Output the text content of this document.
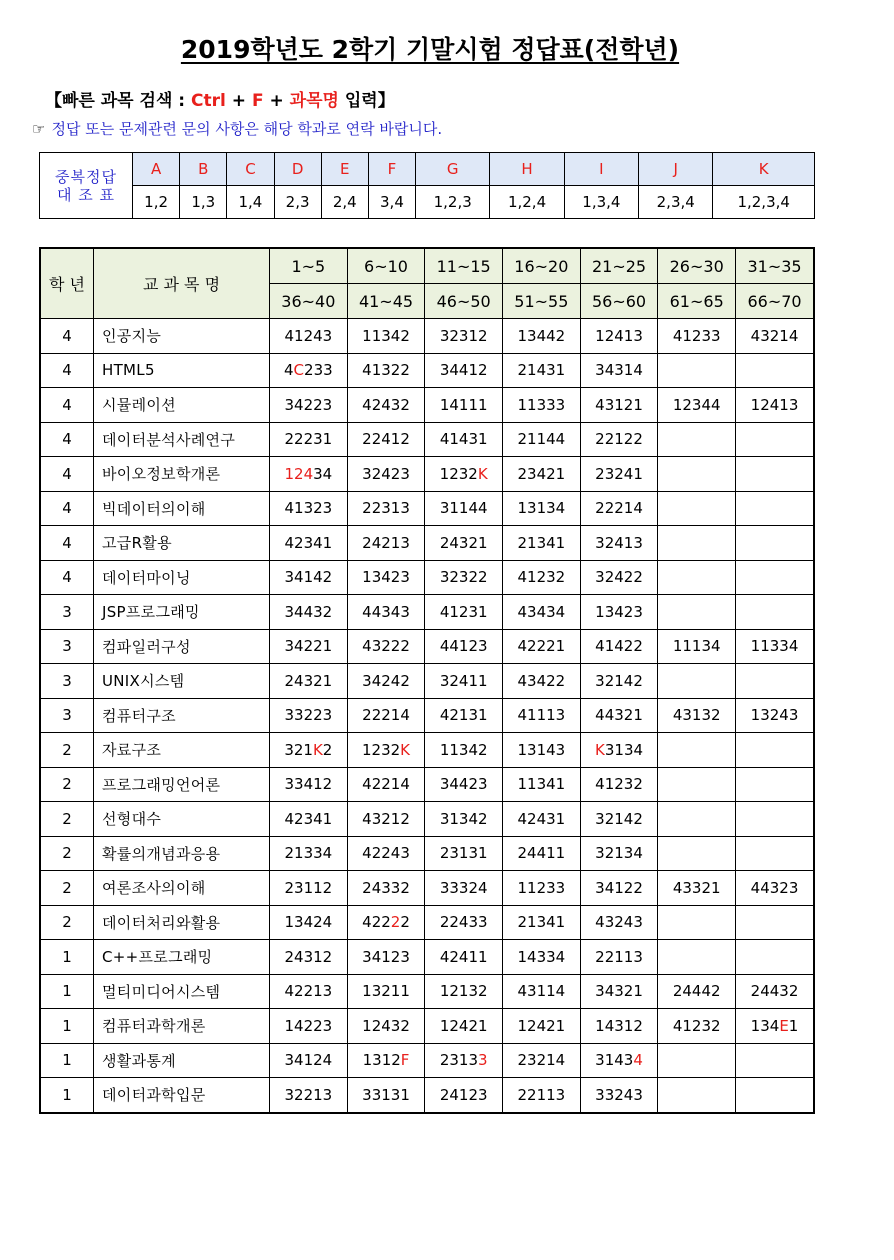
2019학년도 2학기 기말시험 정답표(전학년)
【빠른 과목 검색 : Ctrl + F + 과목명 입력】
☞ 정답 또는 문제관련 문의 사항은 해당 학과로 연락 바랍니다.
중복정답
대 조 표	A	B	C	D	E	F	G	H	I	J	K
	1,2	1,3	1,4	2,3	2,4	3,4	1,2,3	1,2,4	1,3,4	2,3,4	1,2,3,4
학 년	교 과 목 명	1~5	6~10	11~15	16~20	21~25	26~30	31~35
		36~40	41~45	46~50	51~55	56~60	61~65	66~70
4	인공지능	41243	11342	32312	13442	12413	41233	43214
4	HTML5	4C233	41322	34412	21431	34314		
4	시뮬레이션	34223	42432	14111	11333	43121	12344	12413
4	데이터분석사례연구	22231	22412	41431	21144	22122		
4	바이오정보학개론	12434	32423	1232K	23421	23241		
4	빅데이터의이해	41323	22313	31144	13134	22214		
4	고급R활용	42341	24213	24321	21341	32413		
4	데이터마이닝	34142	13423	32322	41232	32422		
3	JSP프로그래밍	34432	44343	41231	43434	13423		
3	컴파일러구성	34221	43222	44123	42221	41422	11134	11334
3	UNIX시스템	24321	34242	32411	43422	32142		
3	컴퓨터구조	33223	22214	42131	41113	44321	43132	13243
2	자료구조	321K2	1232K	11342	13143	K3134		
2	프로그래밍언어론	33412	42214	34423	11341	41232		
2	선형대수	42341	43212	31342	42431	32142		
2	확률의개념과응용	21334	42243	23131	24411	32134		
2	여론조사의이해	23112	24332	33324	11233	34122	43321	44323
2	데이터처리와활용	13424	42222	22433	21341	43243		
1	C++프로그래밍	24312	34123	42411	14334	22113		
1	멀티미디어시스템	42213	13211	12132	43114	34321	24442	24432
1	컴퓨터과학개론	14223	12432	12421	12421	14312	41232	134E1
1	생활과통계	34124	1312F	23133	23214	31434		
1	데이터과학입문	32213	33131	24123	22113	33243		
